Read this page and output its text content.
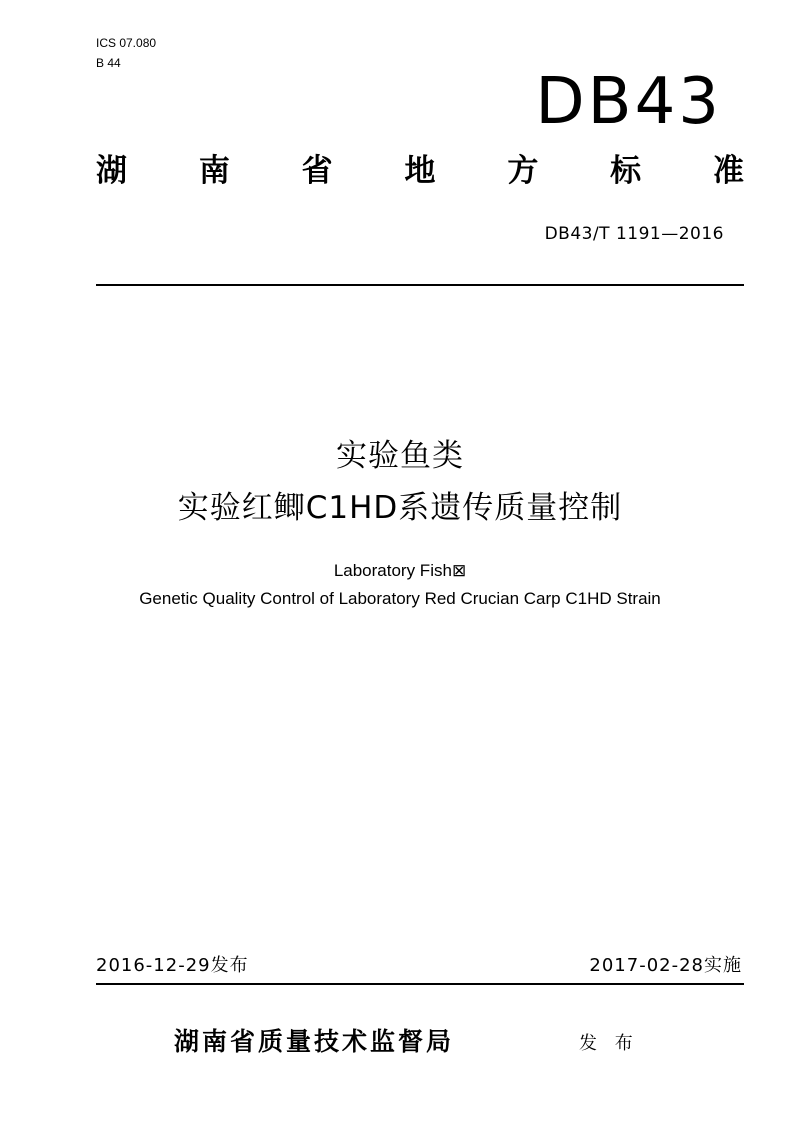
ICS 07.080
B 44
DB43
湖 南 省 地 方 标 准
DB43/T 1191—2016
实验鱼类
实验红鲫C1HD系遗传质量控制
Laboratory Fish⊠
Genetic Quality Control of Laboratory Red Crucian Carp C1HD Strain
2016-12-29发布	2017-02-28实施
湖南省质量技术监督局	发 布
